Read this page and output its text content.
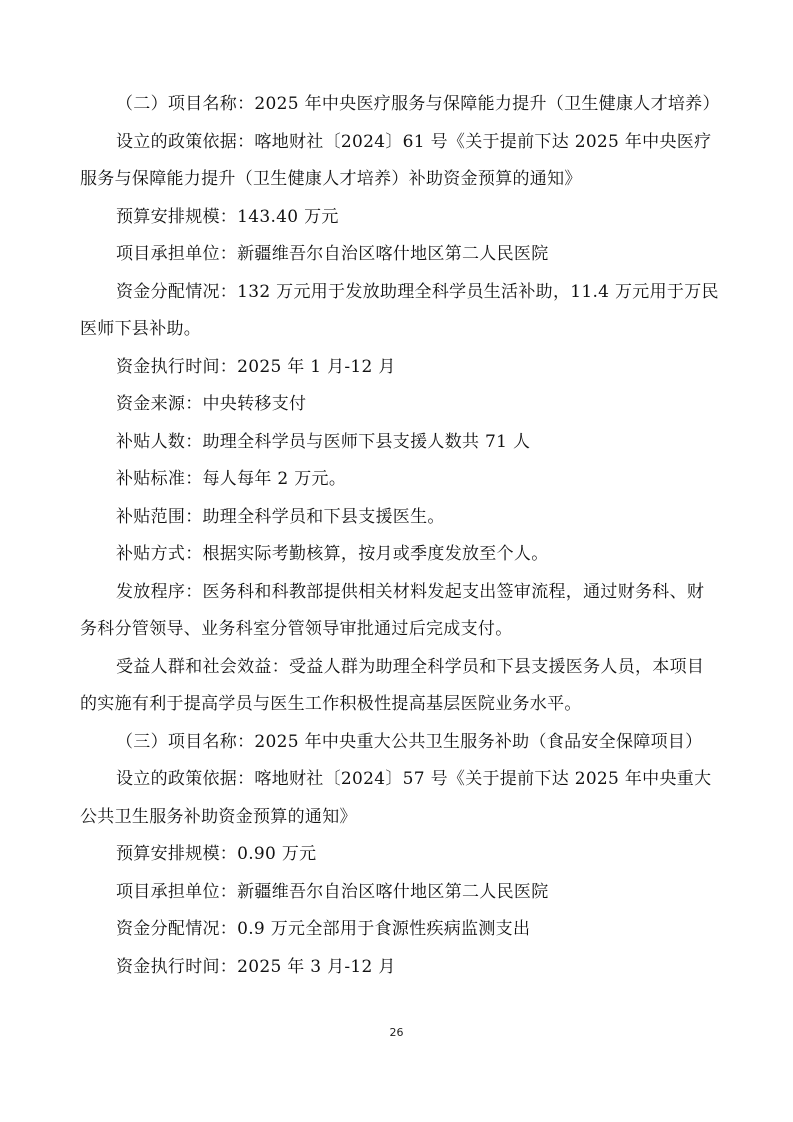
（二）项目名称：2025 年中央医疗服务与保障能力提升（卫生健康人才培养）

设立的政策依据：喀地财社〔2024〕61 号《关于提前下达 2025 年中央医疗服务与保障能力提升（卫生健康人才培养）补助资金预算的通知》

预算安排规模：143.40 万元

项目承担单位：新疆维吾尔自治区喀什地区第二人民医院

资金分配情况：132 万元用于发放助理全科学员生活补助，11.4 万元用于万民医师下县补助。

资金执行时间：2025 年 1 月-12 月

资金来源：中央转移支付

补贴人数：助理全科学员与医师下县支援人数共 71 人

补贴标准：每人每年 2 万元。

补贴范围：助理全科学员和下县支援医生。

补贴方式：根据实际考勤核算，按月或季度发放至个人。

发放程序：医务科和科教部提供相关材料发起支出签审流程，通过财务科、财务科分管领导、业务科室分管领导审批通过后完成支付。

受益人群和社会效益：受益人群为助理全科学员和下县支援医务人员，本项目的实施有利于提高学员与医生工作积极性提高基层医院业务水平。

（三）项目名称：2025 年中央重大公共卫生服务补助（食品安全保障项目）

设立的政策依据：喀地财社〔2024〕57 号《关于提前下达 2025 年中央重大公共卫生服务补助资金预算的通知》

预算安排规模：0.90 万元

项目承担单位：新疆维吾尔自治区喀什地区第二人民医院

资金分配情况：0.9 万元全部用于食源性疾病监测支出

资金执行时间：2025 年 3 月-12 月

26
